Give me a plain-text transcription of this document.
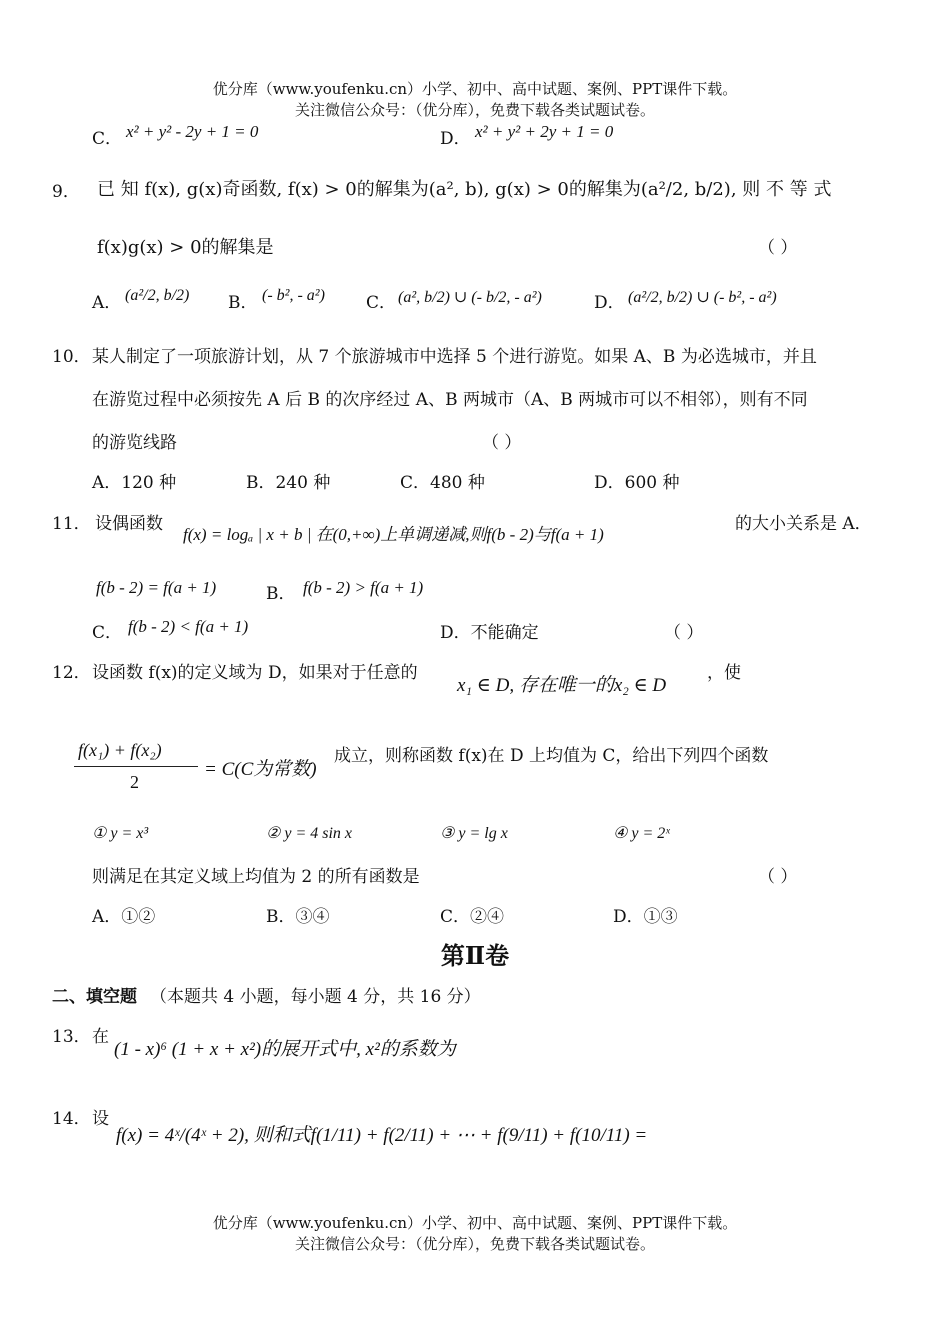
优分库（www.youfenku.cn）小学、初中、高中试题、案例、PPT课件下载。
关注微信公众号：（优分库），免费下载各类试题试卷。
C． x² + y² - 2y + 1 = 0	D． x² + y² + 2y + 1 = 0
9． 已 知 f(x), g(x)奇函数, f(x) > 0的解集为(a², b), g(x) > 0的解集为(a²/2, b/2), 则 不 等 式
f(x)g(x) > 0的解集是	（ ）
A． (a²/2, b/2) B． (- b², - a²) C． (a², b/2) ∪ (- b/2, - a²)	D． (a²/2, b/2) ∪ (- b², - a²)
10． 某人制定了一项旅游计划，从 7 个旅游城市中选择 5 个进行游览。如果 A、B 为必选城市，并且
在游览过程中必须按先 A 后 B 的次序经过 A、B 两城市（A、B 两城市可以不相邻），则有不同
的游览线路	（ ）
A．120 种	B．240 种	C．480 种	D．600 种
11． 设偶函数
f(x) = logₐ | x + b | 在(0,+∞)上单调递减,则f(b - 2)与f(a + 1)
的大小关系是 A．
f(b - 2) = f(a + 1)	B． f(b - 2) > f(a + 1)
C． f(b - 2) < f(a + 1)	D．不能确定	（ ）
12． 设函数 f(x)的定义域为 D，如果对于任意的
x₁ ∈ D, 存在唯一的x₂ ∈ D
，使
f(x₁) + f(x₂)
2
= C(C为常数)
成立，则称函数 f(x)在 D 上均值为 C，给出下列四个函数
① y = x³	② y = 4 sin x	③ y = lg x	④ y = 2ˣ
则满足在其定义域上均值为 2 的所有函数是	（ ）
A．①②	B．③④	C．②④	D．①③
第Ⅱ卷
二、填空题 （本题共 4 小题，每小题 4 分，共 16 分）
13． 在
(1 - x)⁶ (1 + x + x²)的展开式中, x²的系数为
14． 设
f(x) = 4ˣ/(4ˣ + 2), 则和式f(1/11) + f(2/11) + ⋯ + f(9/11) + f(10/11) =
优分库（www.youfenku.cn）小学、初中、高中试题、案例、PPT课件下载。
关注微信公众号：（优分库），免费下载各类试题试卷。
